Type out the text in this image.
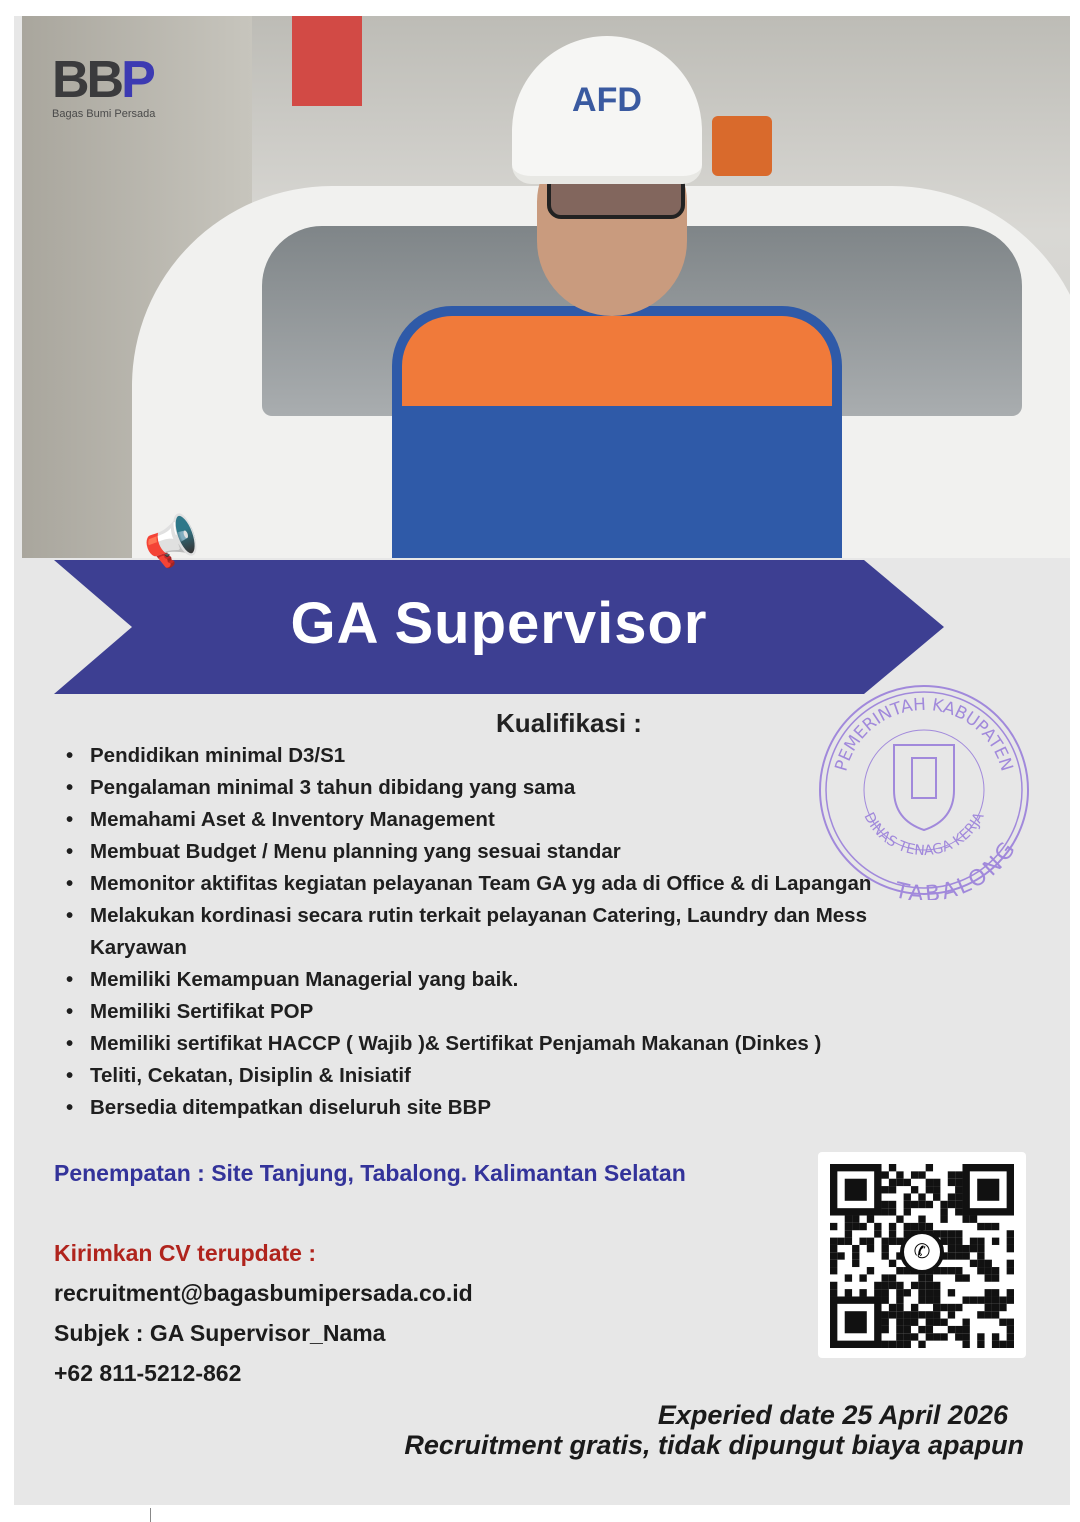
AFD
BBP
Bagas Bumi Persada
GA Supervisor
📢
Kualifikasi :
• Pendidikan minimal D3/S1
• Pengalaman minimal 3 tahun dibidang yang sama
• Memahami Aset & Inventory Management
• Membuat Budget / Menu planning yang sesuai standar
• Memonitor aktifitas kegiatan pelayanan Team GA yg ada di Office & di Lapangan
• Melakukan kordinasi secara rutin terkait pelayanan Catering, Laundry dan Mess Karyawan
• Memiliki Kemampuan Managerial yang baik.
• Memiliki Sertifikat POP
• Memiliki sertifikat HACCP ( Wajib )& Sertifikat Penjamah Makanan (Dinkes )
• Teliti, Cekatan, Disiplin & Inisiatif
• Bersedia ditempatkan diseluruh site BBP
PEMERINTAH KABUPATEN
DINAS TENAGA KERJA
TABALONG
Penempatan : Site Tanjung, Tabalong. Kalimantan Selatan
Kirimkan CV terupdate :
recruitment@bagasbumipersada.co.id
Subjek : GA Supervisor_Nama
+62 811-5212-862
✆
Experied date 25 April 2026
Recruitment gratis, tidak dipungut biaya apapun
